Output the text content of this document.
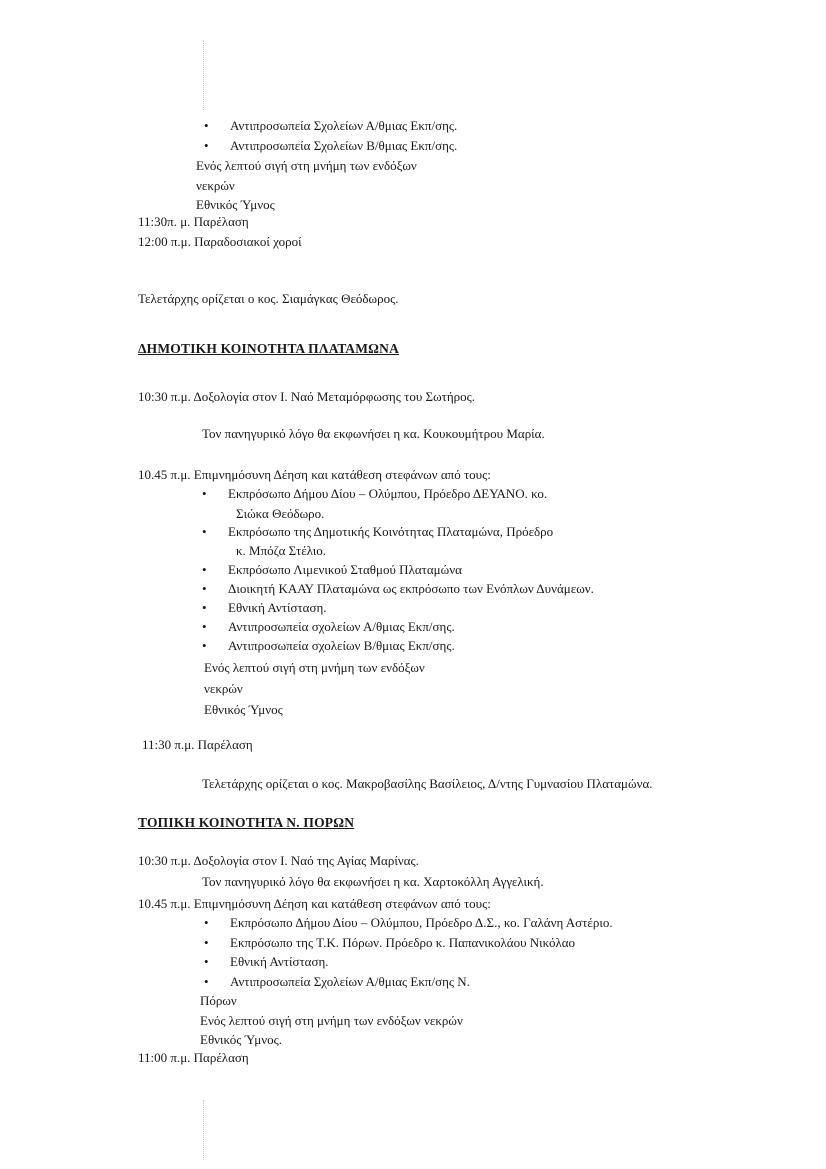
• Αντιπροσωπεία Σχολείων Α/θμιας Εκπ/σης.
• Αντιπροσωπεία Σχολείων Β/θμιας Εκπ/σης.
Ενός λεπτού σιγή στη μνήμη των ενδόξων
νεκρών
Εθνικός Ύμνος
11:30π. μ. Παρέλαση
12:00 π.μ. Παραδοσιακοί χοροί
Τελετάρχης ορίζεται ο κος. Σιαμάγκας Θεόδωρος.
ΔΗΜΟΤΙΚΗ ΚΟΙΝΟΤΗΤΑ ΠΛΑΤΑΜΩΝΑ
10:30 π.μ. Δοξολογία στον Ι. Ναό Μεταμόρφωσης του Σωτήρος.
Τον πανηγυρικό λόγο θα εκφωνήσει η κα. Κουκουμήτρου Μαρία.
10.45 π.μ. Επιμνημόσυνη Δέηση και κατάθεση στεφάνων από τους:
• Εκπρόσωπο Δήμου Δίου – Ολύμπου, Πρόεδρο ΔΕΥΑΝΟ. κο.
Σιώκα Θεόδωρο.
• Εκπρόσωπο της Δημοτικής Κοινότητας Πλαταμώνα, Πρόεδρο
κ. Μπόζα Στέλιο.
• Εκπρόσωπο Λιμενικού Σταθμού Πλαταμώνα
• Διοικητή ΚΑΑΥ Πλαταμώνα ως εκπρόσωπο των Ενόπλων Δυνάμεων.
• Εθνική Αντίσταση.
• Αντιπροσωπεία σχολείων Α/θμιας Εκπ/σης.
• Αντιπροσωπεία σχολείων Β/θμιας Εκπ/σης.
Ενός λεπτού σιγή στη μνήμη των ενδόξων
νεκρών
Εθνικός Ύμνος
11:30 π.μ. Παρέλαση
Τελετάρχης ορίζεται ο κος. Μακροβασίλης Βασίλειος, Δ/ντης Γυμνασίου Πλαταμώνα.
ΤΟΠΙΚΗ ΚΟΙΝΟΤΗΤΑ Ν. ΠΟΡΩΝ
10:30 π.μ. Δοξολογία στον Ι. Ναό της Αγίας Μαρίνας.
Τον πανηγυρικό λόγο θα εκφωνήσει η κα. Χαρτοκόλλη Αγγελική.
10.45 π.μ. Επιμνημόσυνη Δέηση και κατάθεση στεφάνων από τους:
• Εκπρόσωπο Δήμου Δίου – Ολύμπου, Πρόεδρο Δ.Σ., κο. Γαλάνη Αστέριο.
• Εκπρόσωπο της Τ.Κ. Πόρων. Πρόεδρο κ. Παπανικολάου Νικόλαο
• Εθνική Αντίσταση.
• Αντιπροσωπεία Σχολείων Α/θμιας Εκπ/σης Ν.
Πόρων
Ενός λεπτού σιγή στη μνήμη των ενδόξων νεκρών
Εθνικός Ύμνος.
11:00 π.μ. Παρέλαση
